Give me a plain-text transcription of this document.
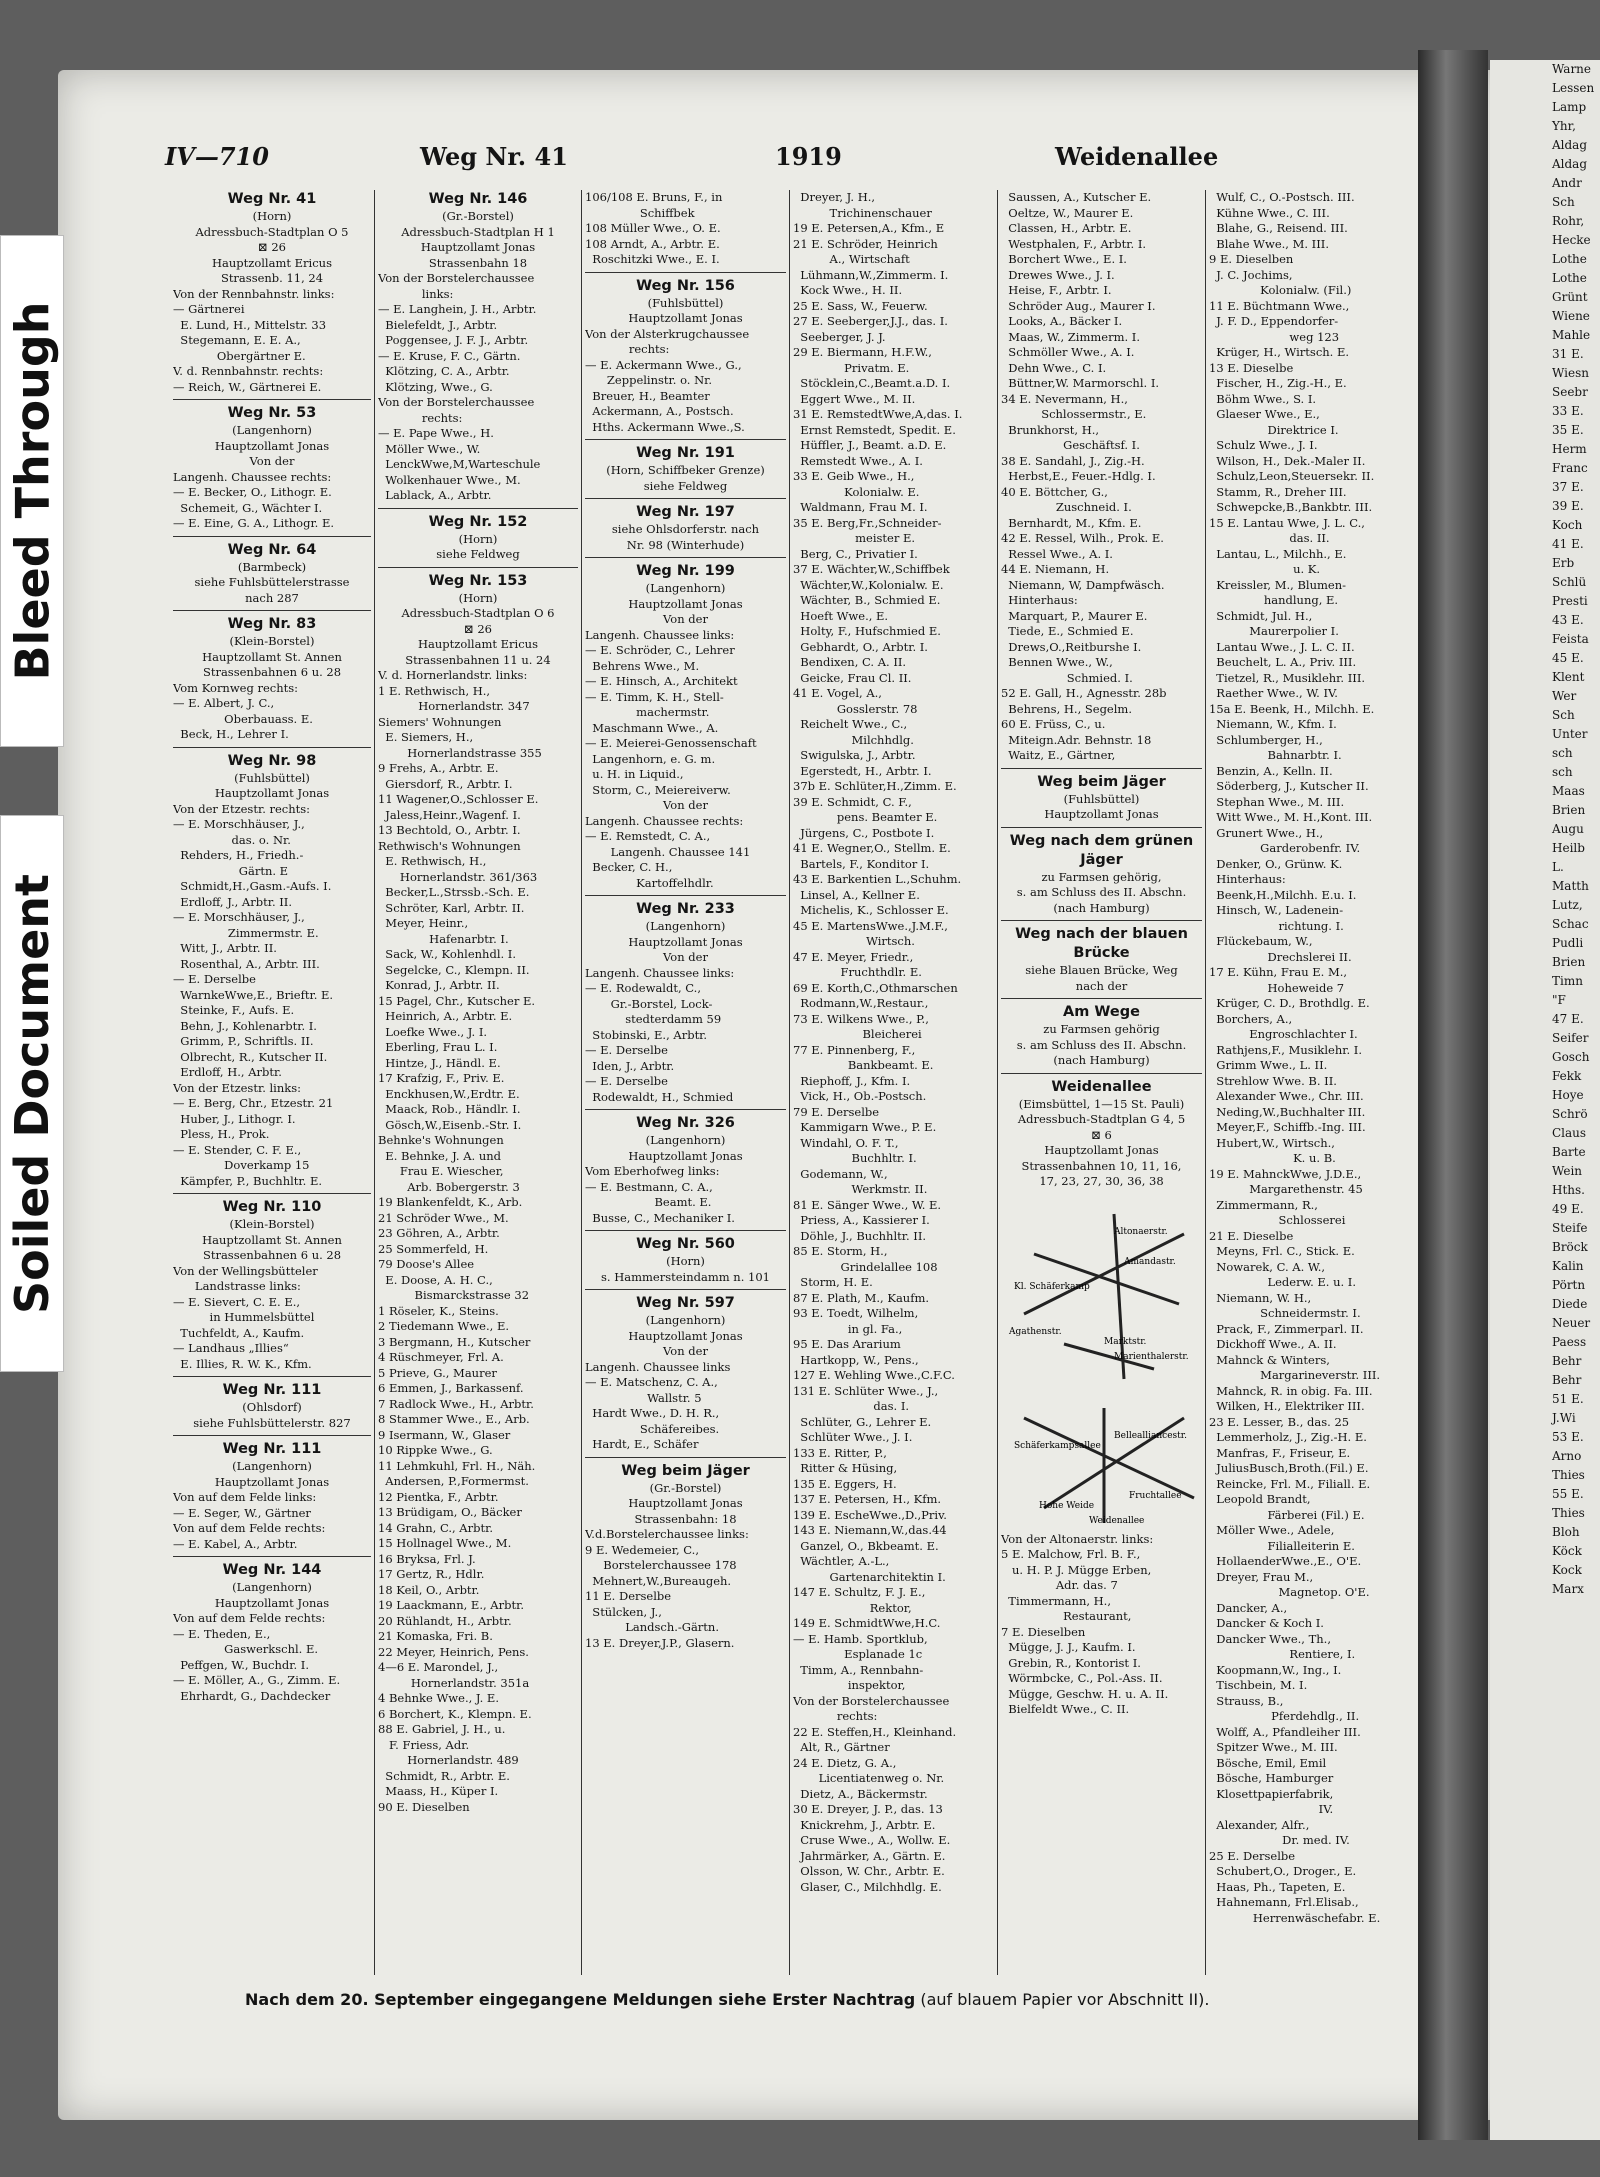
Warne
Lessen
Lamp
Yhr,
Aldag
Aldag
Andr
Sch
Rohr,
Hecke
Lothe
Lothe
Grünt
Wiene
Mahle
31 E.
Wiesn
Seebr
33 E.
35 E.
Herm
Franc
37 E.
39 E.
Koch
41 E.
Erb
Schlü
Presti
43 E.
Feista
45 E.
Klent
Wer
Sch
Unter
sch
sch
Maas
Brien
Augu
Heilb
L.
Matth
Lutz,
Schac
Pudli
Brien
Timn
"F
47 E.
Seifer
Gosch
Fekk
Hoye
Schrö
Claus
Barte
Wein
Hths.
49 E.
Steife
Bröck
Kalin
Pörtn
Diede
Neuer
Paess
Behr
Behr
51 E.
J.Wi
53 E.
Arno
Thies
55 E.
Thies
Bloh
Köck
Kock
Marx
Bleed Through
Soiled Document
IV—710	Weg Nr. 41	1919	Weidenallee
Weg Nr. 41
(Horn)
Adressbuch-Stadtplan O 5
⊠ 26
Hauptzollamt Ericus
Strassenb. 11, 24
Von der Rennbahnstr. links:
— Gärtnerei
E. Lund, H., Mittelstr. 33
Stegemann, E. E. A.,
Obergärtner E.
V. d. Rennbahnstr. rechts:
— Reich, W., Gärtnerei E.
Weg Nr. 53
(Langenhorn)
Hauptzollamt Jonas
Von der
Langenh. Chaussee rechts:
— E. Becker, O., Lithogr. E.
Schemeit, G., Wächter I.
— E. Eine, G. A., Lithogr. E.
Weg Nr. 64
(Barmbeck)
siehe Fuhlsbüttelerstrasse
nach 287
Weg Nr. 83
(Klein-Borstel)
Hauptzollamt St. Annen
Strassenbahnen 6 u. 28
Vom Kornweg rechts:
— E. Albert, J. C.,
Oberbauass. E.
Beck, H., Lehrer I.
Weg Nr. 98
(Fuhlsbüttel)
Hauptzollamt Jonas
Von der Etzestr. rechts:
— E. Morschhäuser, J.,
das. o. Nr.
Rehders, H., Friedh.-
Gärtn. E
Schmidt,H.,Gasm.-Aufs. I.
Erdloff, J., Arbtr. II.
— E. Morschhäuser, J.,
Zimmermstr. E.
Witt, J., Arbtr. II.
Rosenthal, A., Arbtr. III.
— E. Derselbe
WarnkeWwe,E., Brieftr. E.
Steinke, F., Aufs. E.
Behn, J., Kohlenarbtr. I.
Grimm, P., Schriftls. II.
Olbrecht, R., Kutscher II.
Erdloff, H., Arbtr.
Von der Etzestr. links:
— E. Berg, Chr., Etzestr. 21
Huber, J., Lithogr. I.
Pless, H., Prok.
— E. Stender, C. F. E.,
Doverkamp 15
Kämpfer, P., Buchhltr. E.
Weg Nr. 110
(Klein-Borstel)
Hauptzollamt St. Annen
Strassenbahnen 6 u. 28
Von der Wellingsbütteler
Landstrasse links:
— E. Sievert, C. E. E.,
in Hummelsbüttel
Tuchfeldt, A., Kaufm.
— Landhaus „Illies“
E. Illies, R. W. K., Kfm.
Weg Nr. 111
(Ohlsdorf)
siehe Fuhlsbüttelerstr. 827
Weg Nr. 111
(Langenhorn)
Hauptzollamt Jonas
Von auf dem Felde links:
— E. Seger, W., Gärtner
Von auf dem Felde rechts:
— E. Kabel, A., Arbtr.
Weg Nr. 144
(Langenhorn)
Hauptzollamt Jonas
Von auf dem Felde rechts:
— E. Theden, E.,
Gaswerkschl. E.
Peffgen, W., Buchdr. I.
— E. Möller, A., G., Zimm. E.
Ehrhardt, G., Dachdecker
Weg Nr. 146
(Gr.-Borstel)
Adressbuch-Stadtplan H 1
Hauptzollamt Jonas
Strassenbahn 18
Von der Borstelerchaussee
links:
— E. Langhein, J. H., Arbtr.
Bielefeldt, J., Arbtr.
Poggensee, J. F. J., Arbtr.
— E. Kruse, F. C., Gärtn.
Klötzing, C. A., Arbtr.
Klötzing, Wwe., G.
Von der Borstelerchaussee
rechts:
— E. Pape Wwe., H.
Möller Wwe., W.
LenckWwe,M,Warteschule
Wolkenhauer Wwe., M.
Lablack, A., Arbtr.
Weg Nr. 152
(Horn)
siehe Feldweg
Weg Nr. 153
(Horn)
Adressbuch-Stadtplan O 6
⊠ 26
Hauptzollamt Ericus
Strassenbahnen 11 u. 24
V. d. Hornerlandstr. links:
1 E. Rethwisch, H.,
Hornerlandstr. 347
Siemers' Wohnungen
E. Siemers, H.,
Hornerlandstrasse 355
9 Frehs, A., Arbtr. E.
Giersdorf, R., Arbtr. I.
11 Wagener,O.,Schlosser E.
Jaless,Heinr.,Wagenf. I.
13 Bechtold, O., Arbtr. I.
Rethwisch's Wohnungen
E. Rethwisch, H.,
Hornerlandstr. 361/363
Becker,L.,Strssb.-Sch. E.
Schröter, Karl, Arbtr. II.
Meyer, Heinr.,
Hafenarbtr. I.
Sack, W., Kohlenhdl. I.
Segelcke, C., Klempn. II.
Konrad, J., Arbtr. II.
15 Pagel, Chr., Kutscher E.
Heinrich, A., Arbtr. E.
Loefke Wwe., J. I.
Eberling, Frau L. I.
Hintze, J., Händl. E.
17 Krafzig, F., Priv. E.
Enckhusen,W.,Erdtr. E.
Maack, Rob., Händlr. I.
Gösch,W.,Eisenb.-Str. I.
Behnke's Wohnungen
E. Behnke, J. A. und
Frau E. Wiescher,
Arb. Bobergerstr. 3
19 Blankenfeldt, K., Arb.
21 Schröder Wwe., M.
23 Göhren, A., Arbtr.
25 Sommerfeld, H.
79 Doose's Allee
E. Doose, A. H. C.,
Bismarckstrasse 32
1 Röseler, K., Steins.
2 Tiedemann Wwe., E.
3 Bergmann, H., Kutscher
4 Rüschmeyer, Frl. A.
5 Prieve, G., Maurer
6 Emmen, J., Barkassenf.
7 Radlock Wwe., H., Arbtr.
8 Stammer Wwe., E., Arb.
9 Isermann, W., Glaser
10 Rippke Wwe., G.
11 Lehmkuhl, Frl. H., Näh.
Andersen, P.,Formermst.
12 Pientka, F., Arbtr.
13 Brüdigam, O., Bäcker
14 Grahn, C., Arbtr.
15 Hollnagel Wwe., M.
16 Bryksa, Frl. J.
17 Gertz, R., Hdlr.
18 Keil, O., Arbtr.
19 Laackmann, E., Arbtr.
20 Rühlandt, H., Arbtr.
21 Komaska, Fri. B.
22 Meyer, Heinrich, Pens.
4—6 E. Marondel, J.,
Hornerlandstr. 351a
4 Behnke Wwe., J. E.
6 Borchert, K., Klempn. E.
88 E. Gabriel, J. H., u.
F. Friess, Adr.
Hornerlandstr. 489
Schmidt, R., Arbtr. E.
Maass, H., Küper I.
90 E. Dieselben
106/108 E. Bruns, F., in
Schiffbek
108 Müller Wwe., O. E.
108 Arndt, A., Arbtr. E.
Roschitzki Wwe., E. I.
Weg Nr. 156
(Fuhlsbüttel)
Hauptzollamt Jonas
Von der Alsterkrugchaussee
rechts:
— E. Ackermann Wwe., G.,
Zeppelinstr. o. Nr.
Breuer, H., Beamter
Ackermann, A., Postsch.
Hths. Ackermann Wwe.,S.
Weg Nr. 191
(Horn, Schiffbeker Grenze)
siehe Feldweg
Weg Nr. 197
siehe Ohlsdorferstr. nach
Nr. 98 (Winterhude)
Weg Nr. 199
(Langenhorn)
Hauptzollamt Jonas
Von der
Langenh. Chaussee links:
— E. Schröder, C., Lehrer
Behrens Wwe., M.
— E. Hinsch, A., Architekt
— E. Timm, K. H., Stell-
machermstr.
Maschmann Wwe., A.
— E. Meierei-Genossenschaft
Langenhorn, e. G. m.
u. H. in Liquid.,
Storm, C., Meiereiverw.
Von der
Langenh. Chaussee rechts:
— E. Remstedt, C. A.,
Langenh. Chaussee 141
Becker, C. H.,
Kartoffelhdlr.
Weg Nr. 233
(Langenhorn)
Hauptzollamt Jonas
Von der
Langenh. Chaussee links:
— E. Rodewaldt, C.,
Gr.-Borstel, Lock-
stedterdamm 59
Stobinski, E., Arbtr.
— E. Derselbe
Iden, J., Arbtr.
— E. Derselbe
Rodewaldt, H., Schmied
Weg Nr. 326
(Langenhorn)
Hauptzollamt Jonas
Vom Eberhofweg links:
— E. Bestmann, C. A.,
Beamt. E.
Busse, C., Mechaniker I.
Weg Nr. 560
(Horn)
s. Hammersteindamm n. 101
Weg Nr. 597
(Langenhorn)
Hauptzollamt Jonas
Von der
Langenh. Chaussee links
— E. Matschenz, C. A.,
Wallstr. 5
Hardt Wwe., D. H. R.,
Schäfereibes.
Hardt, E., Schäfer
Weg beim Jäger
(Gr.-Borstel)
Hauptzollamt Jonas
Strassenbahn: 18
V.d.Borstelerchaussee links:
9 E. Wedemeier, C.,
Borstelerchaussee 178
Mehnert,W.,Bureaugeh.
11 E. Derselbe
Stülcken, J.,
Landsch.-Gärtn.
13 E. Dreyer,J.P., Glasern.
Dreyer, J. H.,
Trichinenschauer
19 E. Petersen,A., Kfm., E
21 E. Schröder, Heinrich
A., Wirtschaft
Lühmann,W.,Zimmerm. I.
Kock Wwe., H. II.
25 E. Sass, W., Feuerw.
27 E. Seeberger,J.J., das. I.
Seeberger, J. J.
29 E. Biermann, H.F.W.,
Privatm. E.
Stöcklein,C.,Beamt.a.D. I.
Eggert Wwe., M. II.
31 E. RemstedtWwe,A,das. I.
Ernst Remstedt, Spedit. E.
Hüffler, J., Beamt. a.D. E.
Remstedt Wwe., A. I.
33 E. Geib Wwe., H.,
Kolonialw. E.
Waldmann, Frau M. I.
35 E. Berg,Fr.,Schneider-
meister E.
Berg, C., Privatier I.
37 E. Wächter,W.,Schiffbek
Wächter,W.,Kolonialw. E.
Wächter, B., Schmied E.
Hoeft Wwe., E.
Holty, F., Hufschmied E.
Gebhardt, O., Arbtr. I.
Bendixen, C. A. II.
Geicke, Frau Cl. II.
41 E. Vogel, A.,
Gosslerstr. 78
Reichelt Wwe., C.,
Milchhdlg.
Swigulska, J., Arbtr.
Egerstedt, H., Arbtr. I.
37b E. Schlüter,H.,Zimm. E.
39 E. Schmidt, C. F.,
pens. Beamter E.
Jürgens, C., Postbote I.
41 E. Wegner,O., Stellm. E.
Bartels, F., Konditor I.
43 E. Barkentien L.,Schuhm.
Linsel, A., Kellner E.
Michelis, K., Schlosser E.
45 E. MartensWwe.,J.M.F.,
Wirtsch.
47 E. Meyer, Friedr.,
Fruchthdlr. E.
69 E. Korth,C.,Othmarschen
Rodmann,W.,Restaur.,
73 E. Wilkens Wwe., P.,
Bleicherei
77 E. Pinnenberg, F.,
Bankbeamt. E.
Riephoff, J., Kfm. I.
Vick, H., Ob.-Postsch.
79 E. Derselbe
Kammigarn Wwe., P. E.
Windahl, O. F. T.,
Buchhltr. I.
Godemann, W.,
Werkmstr. II.
81 E. Sänger Wwe., W. E.
Priess, A., Kassierer I.
Döhle, J., Buchhltr. II.
85 E. Storm, H.,
Grindelallee 108
Storm, H. E.
87 E. Plath, M., Kaufm.
93 E. Toedt, Wilhelm,
in gl. Fa.,
95 E. Das Ararium
Hartkopp, W., Pens.,
127 E. Wehling Wwe.,C.F.C.
131 E. Schlüter Wwe., J.,
das. I.
Schlüter, G., Lehrer E.
Schlüter Wwe., J. I.
133 E. Ritter, P.,
Ritter & Hüsing,
135 E. Eggers, H.
137 E. Petersen, H., Kfm.
139 E. EscheWwe.,D.,Priv.
143 E. Niemann,W.,das.44
Ganzel, O., Bkbeamt. E.
Wächtler, A.-L.,
Gartenarchitektin I.
147 E. Schultz, F. J. E.,
Rektor,
149 E. SchmidtWwe,H.C.
— E. Hamb. Sportklub,
Esplanade 1c
Timm, A., Rennbahn-
inspektor,
Von der Borstelerchaussee
rechts:
22 E. Steffen,H., Kleinhand.
Alt, R., Gärtner
24 E. Dietz, G. A.,
Licentiatenweg o. Nr.
Dietz, A., Bäckermstr.
30 E. Dreyer, J. P., das. 13
Knickrehm, J., Arbtr. E.
Cruse Wwe., A., Wollw. E.
Jahrmärker, A., Gärtn. E.
Olsson, W. Chr., Arbtr. E.
Glaser, C., Milchhdlg. E.
Saussen, A., Kutscher E.
Oeltze, W., Maurer E.
Classen, H., Arbtr. E.
Westphalen, F., Arbtr. I.
Borchert Wwe., E. I.
Drewes Wwe., J. I.
Heise, F., Arbtr. I.
Schröder Aug., Maurer I.
Looks, A., Bäcker I.
Maas, W., Zimmerm. I.
Schmöller Wwe., A. I.
Dehn Wwe., C. I.
Büttner,W. Marmorschl. I.
34 E. Nevermann, H.,
Schlossermstr., E.
Brunkhorst, H.,
Geschäftsf. I.
38 E. Sandahl, J., Zig.-H.
Herbst,E., Feuer.-Hdlg. I.
40 E. Böttcher, G.,
Zuschneid. I.
Bernhardt, M., Kfm. E.
42 E. Ressel, Wilh., Prok. E.
Ressel Wwe., A. I.
44 E. Niemann, H.
Niemann, W, Dampfwäsch.
Hinterhaus:
Marquart, P., Maurer E.
Tiede, E., Schmied E.
Drews,O.,Reitburshe I.
Bennen Wwe., W.,
Schmied. I.
52 E. Gall, H., Agnesstr. 28b
Behrens, H., Segelm.
60 E. Früss, C., u.
Miteign.Adr. Behnstr. 18
Waitz, E., Gärtner,
Weg beim Jäger
(Fuhlsbüttel)
Hauptzollamt Jonas
Weg nach dem grünen
Jäger
zu Farmsen gehörig,
s. am Schluss des II. Abschn.
(nach Hamburg)
Weg nach der blauen
Brücke
siehe Blauen Brücke, Weg
nach der
Am Wege
zu Farmsen gehörig
s. am Schluss des II. Abschn.
(nach Hamburg)
Weidenallee
(Eimsbüttel, 1—15 St. Pauli)
Adressbuch-Stadtplan G 4, 5
⊠ 6
Hauptzollamt Jonas
Strassenbahnen 10, 11, 16,
17, 23, 27, 30, 36, 38
Altonaerstr.
Amandastr.
Kl. Schäferkamp
Agathenstr.
Marktstr.
Marienthalerstr.
Schäferkampsallee
Bellealliancestr.
Hohe Weide
Fruchtallee
Weidenallee
Von der Altonaerstr. links:
5 E. Malchow, Frl. B. F.,
u. H. P. J. Mügge Erben,
Adr. das. 7
Timmermann, H.,
Restaurant,
7 E. Dieselben
Mügge, J. J., Kaufm. I.
Grebin, R., Kontorist I.
Wörmbcke, C., Pol.-Ass. II.
Mügge, Geschw. H. u. A. II.
Bielfeldt Wwe., C. II.
Wulf, C., O.-Postsch. III.
Kühne Wwe., C. III.
Blahe, G., Reisend. III.
Blahe Wwe., M. III.
9 E. Dieselben
J. C. Jochims,
Kolonialw. (Fil.)
11 E. Büchtmann Wwe.,
J. F. D., Eppendorfer-
weg 123
Krüger, H., Wirtsch. E.
13 E. Dieselbe
Fischer, H., Zig.-H., E.
Böhm Wwe., S. I.
Glaeser Wwe., E.,
Direktrice I.
Schulz Wwe., J. I.
Wilson, H., Dek.-Maler II.
Schulz,Leon,Steuersekr. II.
Stamm, R., Dreher III.
Schwepcke,B.,Bankbtr. III.
15 E. Lantau Wwe, J. L. C.,
das. II.
Lantau, L., Milchh., E.
u. K.
Kreissler, M., Blumen-
handlung, E.
Schmidt, Jul. H.,
Maurerpolier I.
Lantau Wwe., J. L. C. II.
Beuchelt, L. A., Priv. III.
Tietzel, R., Musiklehr. III.
Raether Wwe., W. IV.
15a E. Beenk, H., Milchh. E.
Niemann, W., Kfm. I.
Schlumberger, H.,
Bahnarbtr. I.
Benzin, A., Kelln. II.
Söderberg, J., Kutscher II.
Stephan Wwe., M. III.
Witt Wwe., M. H.,Kont. III.
Grunert Wwe., H.,
Garderobenfr. IV.
Denker, O., Grünw. K.
Hinterhaus:
Beenk,H.,Milchh. E.u. I.
Hinsch, W., Ladenein-
richtung. I.
Flückebaum, W.,
Drechslerei II.
17 E. Kühn, Frau E. M.,
Hoheweide 7
Krüger, C. D., Brothdlg. E.
Borchers, A.,
Engroschlachter I.
Rathjens,F., Musiklehr. I.
Grimm Wwe., L. II.
Strehlow Wwe. B. II.
Alexander Wwe., Chr. III.
Neding,W.,Buchhalter III.
Meyer,F., Schiffb.-Ing. III.
Hubert,W., Wirtsch.,
K. u. B.
19 E. MahnckWwe, J.D.E.,
Margarethenstr. 45
Zimmermann, R.,
Schlosserei
21 E. Dieselbe
Meyns, Frl. C., Stick. E.
Nowarek, C. A. W.,
Lederw. E. u. I.
Niemann, W. H.,
Schneidermstr. I.
Prack, F., Zimmerparl. II.
Dickhoff Wwe., A. II.
Mahnck & Winters,
Margarineverstr. III.
Mahnck, R. in obig. Fa. III.
Wilken, H., Elektriker III.
23 E. Lesser, B., das. 25
Lemmerholz, J., Zig.-H. E.
Manfras, F., Friseur, E.
JuliusBusch,Broth.(Fil.) E.
Reincke, Frl. M., Filiall. E.
Leopold Brandt,
Färberei (Fil.) E.
Möller Wwe., Adele,
Filialleiterin E.
HollaenderWwe.,E., O'E.
Dreyer, Frau M.,
Magnetop. O'E.
Dancker, A.,
Dancker & Koch I.
Dancker Wwe., Th.,
Rentiere, I.
Koopmann,W., Ing., I.
Tischbein, M. I.
Strauss, B.,
Pferdehdlg., II.
Wolff, A., Pfandleiher III.
Spitzer Wwe., M. III.
Bösche, Emil, Emil
Bösche, Hamburger
Klosettpapierfabrik,
IV.
Alexander, Alfr.,
Dr. med. IV.
25 E. Derselbe
Schubert,O., Droger., E.
Haas, Ph., Tapeten, E.
Hahnemann, Frl.Elisab.,
Herrenwäschefabr. E.
Nach dem 20. September eingegangene Meldungen siehe Erster Nachtrag (auf blauem Papier vor Abschnitt II).
